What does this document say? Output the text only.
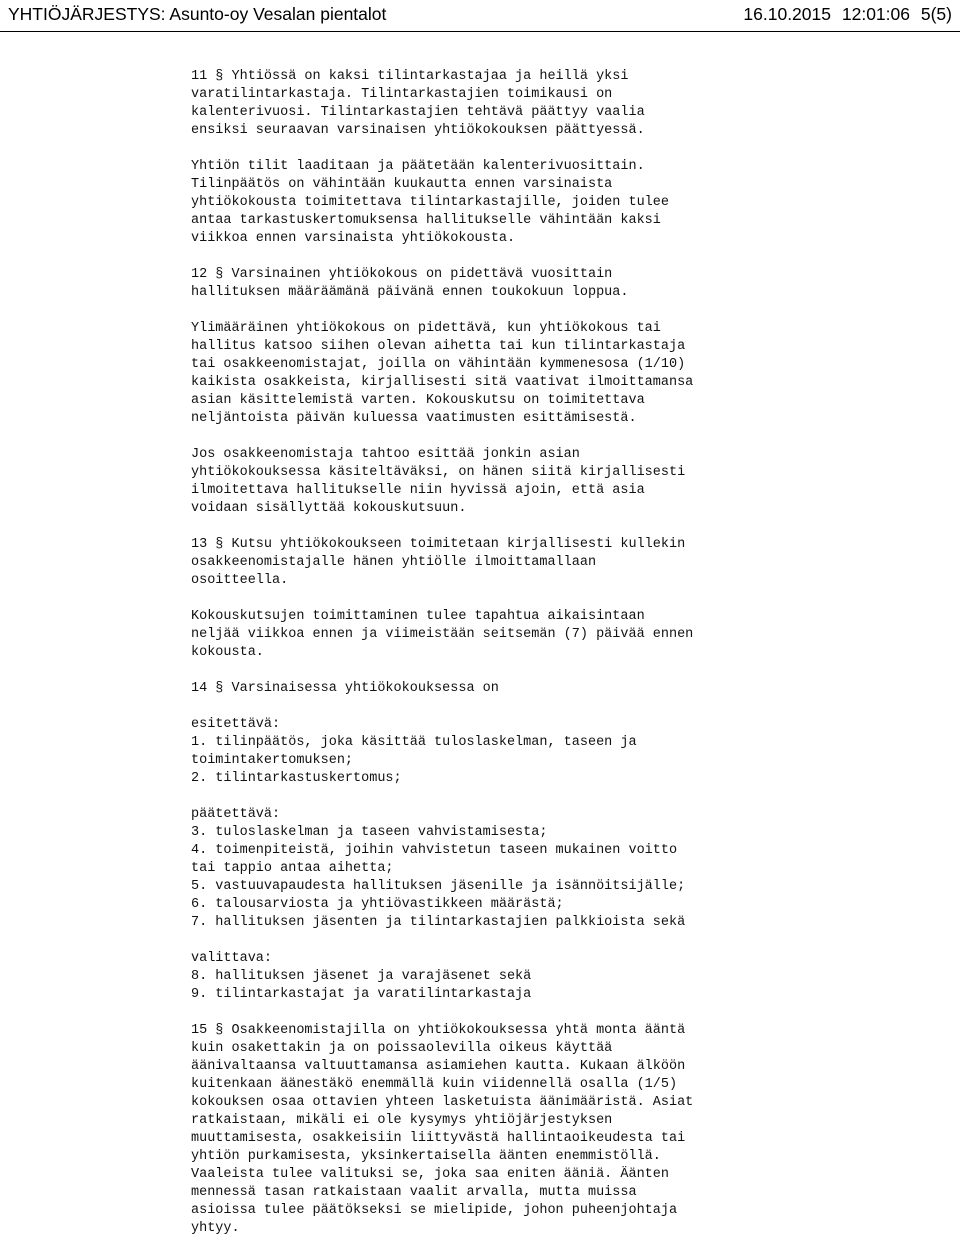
YHTIÖJÄRJESTYS: Asunto-oy Vesalan pientalot	16.10.2015 12:01:06 5(5)

11 § Yhtiössä on kaksi tilintarkastajaa ja heillä yksi
varatilintarkastaja. Tilintarkastajien toimikausi on
kalenterivuosi. Tilintarkastajien tehtävä päättyy vaalia
ensiksi seuraavan varsinaisen yhtiökokouksen päättyessä.

Yhtiön tilit laaditaan ja päätetään kalenterivuosittain.
Tilinpäätös on vähintään kuukautta ennen varsinaista
yhtiökokousta toimitettava tilintarkastajille, joiden tulee
antaa tarkastuskertomuksensa hallitukselle vähintään kaksi
viikkoa ennen varsinaista yhtiökokousta.

12 § Varsinainen yhtiökokous on pidettävä vuosittain
hallituksen määräämänä päivänä ennen toukokuun loppua.

Ylimääräinen yhtiökokous on pidettävä, kun yhtiökokous tai
hallitus katsoo siihen olevan aihetta tai kun tilintarkastaja
tai osakkeenomistajat, joilla on vähintään kymmenesosa (1/10)
kaikista osakkeista, kirjallisesti sitä vaativat ilmoittamansa
asian käsittelemistä varten. Kokouskutsu on toimitettava
neljäntoista päivän kuluessa vaatimusten esittämisestä.

Jos osakkeenomistaja tahtoo esittää jonkin asian
yhtiökokouksessa käsiteltäväksi, on hänen siitä kirjallisesti
ilmoitettava hallitukselle niin hyvissä ajoin, että asia
voidaan sisällyttää kokouskutsuun.

13 § Kutsu yhtiökokoukseen toimitetaan kirjallisesti kullekin
osakkeenomistajalle hänen yhtiölle ilmoittamallaan
osoitteella.

Kokouskutsujen toimittaminen tulee tapahtua aikaisintaan
neljää viikkoa ennen ja viimeistään seitsemän (7) päivää ennen
kokousta.

14 § Varsinaisessa yhtiökokouksessa on

esitettävä:
1. tilinpäätös, joka käsittää tuloslaskelman, taseen ja
toimintakertomuksen;
2. tilintarkastuskertomus;

päätettävä:
3. tuloslaskelman ja taseen vahvistamisesta;
4. toimenpiteistä, joihin vahvistetun taseen mukainen voitto
tai tappio antaa aihetta;
5. vastuuvapaudesta hallituksen jäsenille ja isännöitsijälle;
6. talousarviosta ja yhtiövastikkeen määrästä;
7. hallituksen jäsenten ja tilintarkastajien palkkioista sekä

valittava:
8. hallituksen jäsenet ja varajäsenet sekä
9. tilintarkastajat ja varatilintarkastaja

15 § Osakkeenomistajilla on yhtiökokouksessa yhtä monta ääntä
kuin osakettakin ja on poissaolevilla oikeus käyttää
äänivaltaansa valtuuttamansa asiamiehen kautta. Kukaan älköön
kuitenkaan äänestäkö enemmällä kuin viidennellä osalla (1/5)
kokouksen osaa ottavien yhteen lasketuista äänimääristä. Asiat
ratkaistaan, mikäli ei ole kysymys yhtiöjärjestyksen
muuttamisesta, osakkeisiin liittyvästä hallintaoikeudesta tai
yhtiön purkamisesta, yksinkertaisella äänten enemmistöllä.
Vaaleista tulee valituksi se, joka saa eniten ääniä. Äänten
mennessä tasan ratkaistaan vaalit arvalla, mutta muissa
asioissa tulee päätökseksi se mielipide, johon puheenjohtaja
yhtyy.
